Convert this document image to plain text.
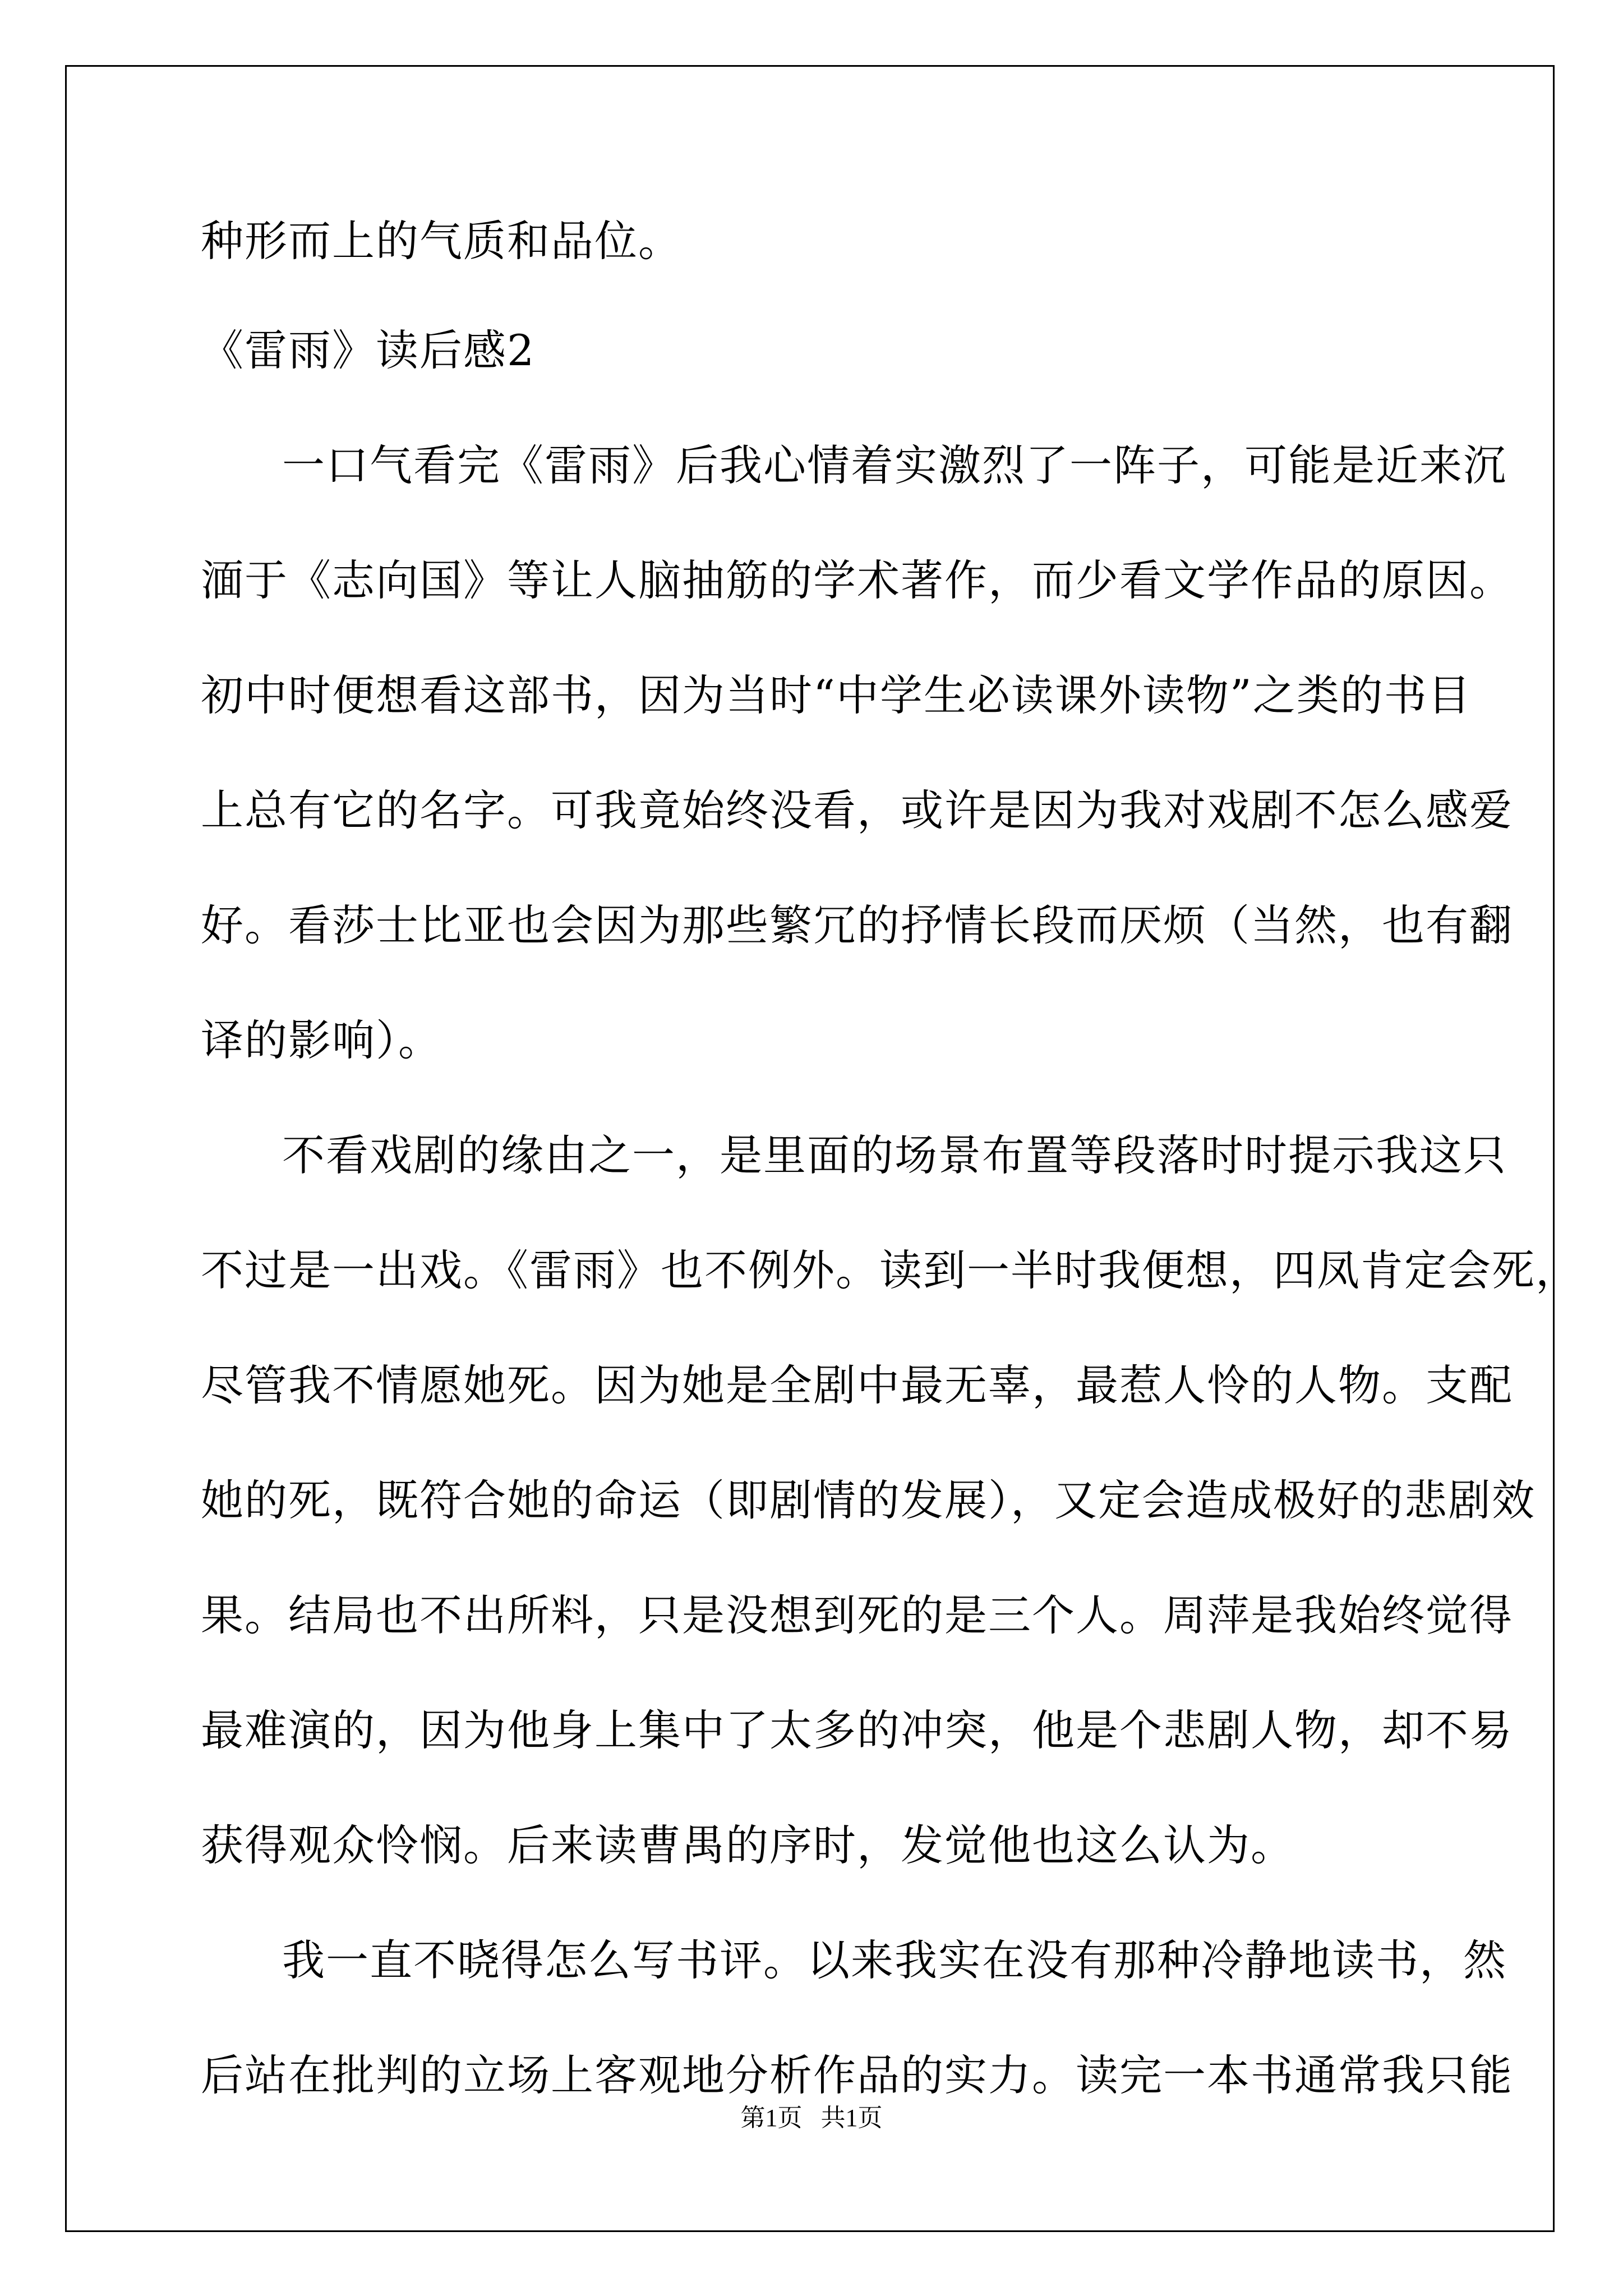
种形而上的气质和品位。
《雷雨》读后感2
一口气看完《雷雨》后我心情着实激烈了一阵子，可能是近来沉
湎于《志向国》等让人脑抽筋的学术著作，而少看文学作品的原因。
初中时便想看这部书，因为当时“中学生必读课外读物”之类的书目
上总有它的名字。可我竟始终没看，或许是因为我对戏剧不怎么感爱
好。看莎士比亚也会因为那些繁冗的抒情长段而厌烦（当然，也有翻
译的影响）。
不看戏剧的缘由之一，是里面的场景布置等段落时时提示我这只
不过是一出戏。《雷雨》也不例外。读到一半时我便想，四凤肯定会死，
尽管我不情愿她死。因为她是全剧中最无辜，最惹人怜的人物。支配
她的死，既符合她的命运（即剧情的发展），又定会造成极好的悲剧效
果。结局也不出所料，只是没想到死的是三个人。周萍是我始终觉得
最难演的，因为他身上集中了太多的冲突，他是个悲剧人物，却不易
获得观众怜悯。后来读曹禺的序时，发觉他也这么认为。
我一直不晓得怎么写书评。以来我实在没有那种冷静地读书，然
后站在批判的立场上客观地分析作品的实力。读完一本书通常我只能
第1页   共1页
